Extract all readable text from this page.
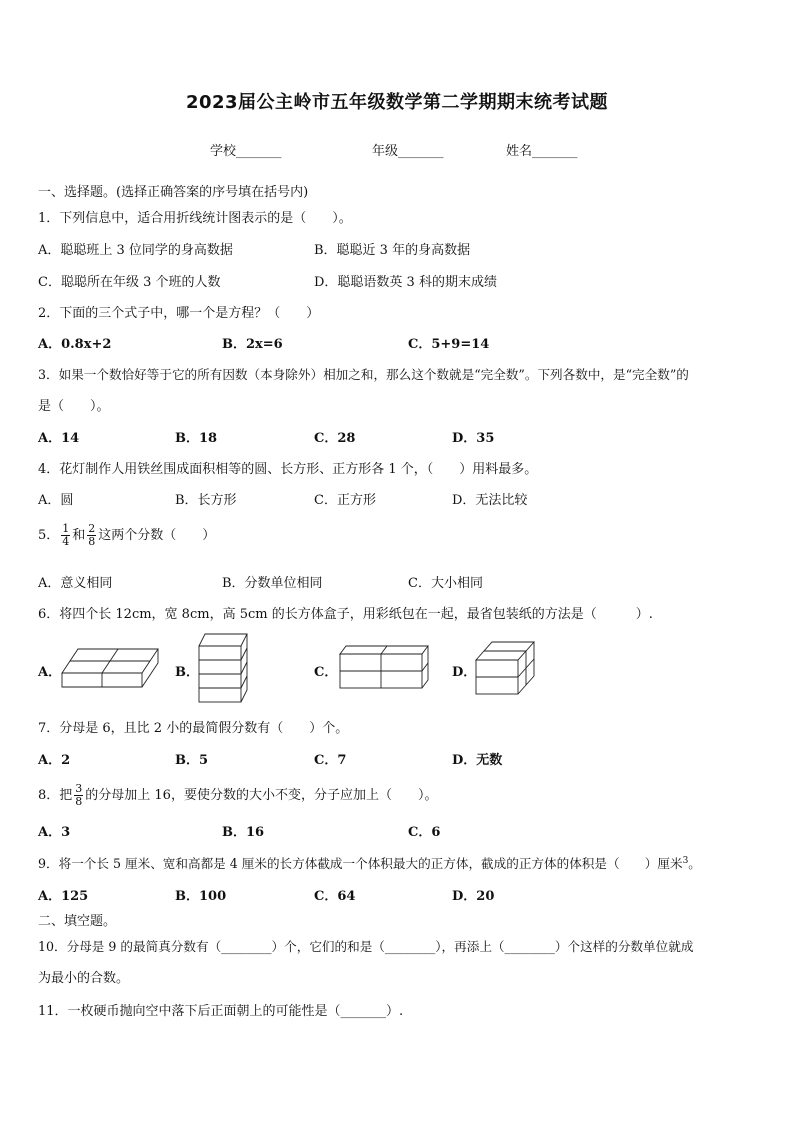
2023届公主岭市五年级数学第二学期期末统考试题
学校_______	年级_______	姓名_______
一、选择题。(选择正确答案的序号填在括号内)
1．下列信息中，适合用折线统计图表示的是（　　）。
A．聪聪班上 3 位同学的身高数据	B．聪聪近 3 年的身高数据
C．聪聪所在年级 3 个班的人数	D．聪聪语数英 3 科的期末成绩
2．下面的三个式子中，哪一个是方程？（　　）
A．0.8x+2	B．2x=6	C．5+9=14
3．如果一个数恰好等于它的所有因数（本身除外）相加之和，那么这个数就是“完全数”。下列各数中，是“完全数”的
是（　　）。
A．14	B．18	C．28	D．35
4．花灯制作人用铁丝围成面积相等的圆、长方形、正方形各 1 个，（　　）用料最多。
A．圆	B．长方形	C．正方形	D．无法比较
5． $\frac{1}{4}$ 和 $\frac{2}{8}$ 这两个分数（　　）
A．意义相同	B．分数单位相同	C．大小相同
6．将四个长 12cm，宽 8cm，高 5cm 的长方体盒子，用彩纸包在一起，最省包装纸的方法是（　　　）.
A．	B．	C．	D．
7．分母是 6，且比 2 小的最简假分数有（　　）个。
A．2	B．5	C．7	D．无数
8．把 $\frac{3}{8}$ 的分母加上 16，要使分数的大小不变，分子应加上（　　）。
A．3	B．16	C．6
9．将一个长 5 厘米、宽和高都是 4 厘米的长方体截成一个体积最大的正方体，截成的正方体的体积是（　　）厘米$^3$。
A．125	B．100	C．64	D．20
二、填空题。
10．分母是 9 的最简真分数有（________）个，它们的和是（________），再添上（________）个这样的分数单位就成
为最小的合数。
11．一枚硬币抛向空中落下后正面朝上的可能性是（_______）.
